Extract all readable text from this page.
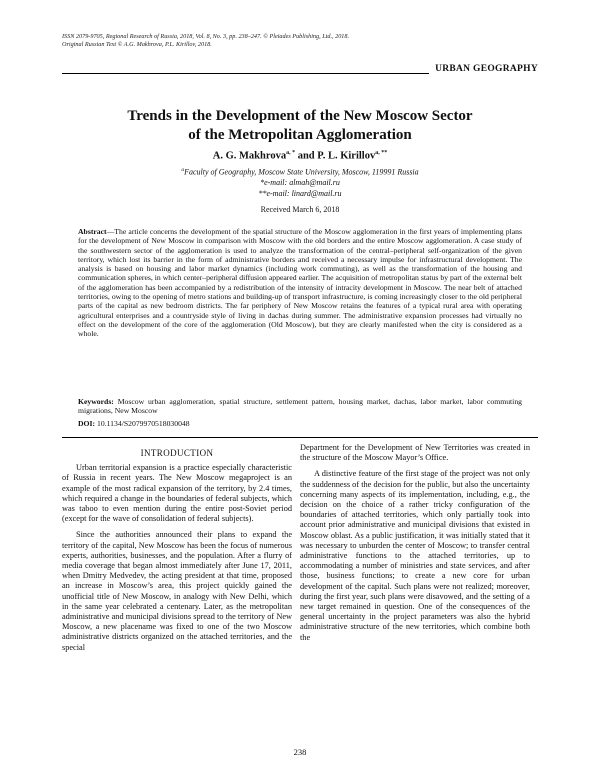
ISSN 2079-9705, Regional Research of Russia, 2018, Vol. 8, No. 3, pp. 238–247. © Pleiades Publishing, Ltd., 2018.
Original Russian Text © A.G. Makhrova, P.L. Kirillov, 2018.
URBAN GEOGRAPHY
Trends in the Development of the New Moscow Sector
of the Metropolitan Agglomeration
A. G. Makhrova$^{a, *}$ and P. L. Kirillov$^{a, **}$
$^a$Faculty of Geography, Moscow State University, Moscow, 119991 Russia
*e-mail: almah@mail.ru
**e-mail: linard@mail.ru
Received March 6, 2018
Abstract—The article concerns the development of the spatial structure of the Moscow agglomeration in the first years of implementing plans for the development of New Moscow in comparison with Moscow with the old borders and the entire Moscow agglomeration. A case study of the southwestern sector of the agglomeration is used to analyze the transformation of the central–peripheral self-organization of the given territory, which lost its barrier in the form of administrative borders and received a necessary impulse for infrastructural development. The analysis is based on housing and labor market dynamics (including work commuting), as well as the transformation of the housing and communication spheres, in which center–peripheral diffusion appeared earlier. The acquisition of metropolitan status by part of the external belt of the agglomeration has been accompanied by a redistribution of the intensity of intracity development in Moscow. The near belt of attached territories, owing to the opening of metro stations and building-up of transport infrastructure, is coming increasingly closer to the old peripheral parts of the capital as new bedroom districts. The far periphery of New Moscow retains the features of a typical rural area with operating agricultural enterprises and a countryside style of living in dachas during summer. The administrative expansion processes had virtually no effect on the development of the core of the agglomeration (Old Moscow), but they are clearly manifested when the city is considered as a whole.
Keywords: Moscow urban agglomeration, spatial structure, settlement pattern, housing market, dachas, labor market, labor commuting migrations, New Moscow
DOI: 10.1134/S2079970518030048
INTRODUCTION

Urban territorial expansion is a practice especially characteristic of Russia in recent years. The New Moscow megaproject is an example of the most radical expansion of the territory, by 2.4 times, which required a change in the boundaries of federal subjects, which was taboo to even mention during the entire post-Soviet period (except for the wave of consolidation of federal subjects).

Since the authorities announced their plans to expand the territory of the capital, New Moscow has been the focus of numerous experts, authorities, businesses, and the population. After a flurry of media coverage that began almost immediately after June 17, 2011, when Dmitry Medvedev, the acting president at that time, proposed an increase in Moscow’s area, this project quickly gained the unofficial title of New Moscow, in analogy with New Delhi, which in the same year celebrated a centenary. Later, as the metropolitan administrative and municipal divisions spread to the territory of New Moscow, a new placename was fixed to one of the two Moscow administrative districts organized on the attached territories, and the special

Department for the Development of New Territories was created in the structure of the Moscow Mayor’s Office.

A distinctive feature of the first stage of the project was not only the suddenness of the decision for the public, but also the uncertainty concerning many aspects of its implementation, including, e.g., the decision on the choice of a rather tricky configuration of the boundaries of attached territories, which only partially took into account prior administrative and municipal divisions that existed in Moscow oblast. As a public justification, it was initially stated that it was necessary to unburden the center of Moscow; to transfer central administrative functions to the attached territories, up to accommodating a number of ministries and state services, and after those, business functions; to create a new core for urban development of the capital. Such plans were not realized; moreover, during the first year, such plans were disavowed, and the setting of a new target remained in question. One of the consequences of the general uncertainty in the project parameters was also the hybrid administrative structure of the new territories, which combine both the

238
